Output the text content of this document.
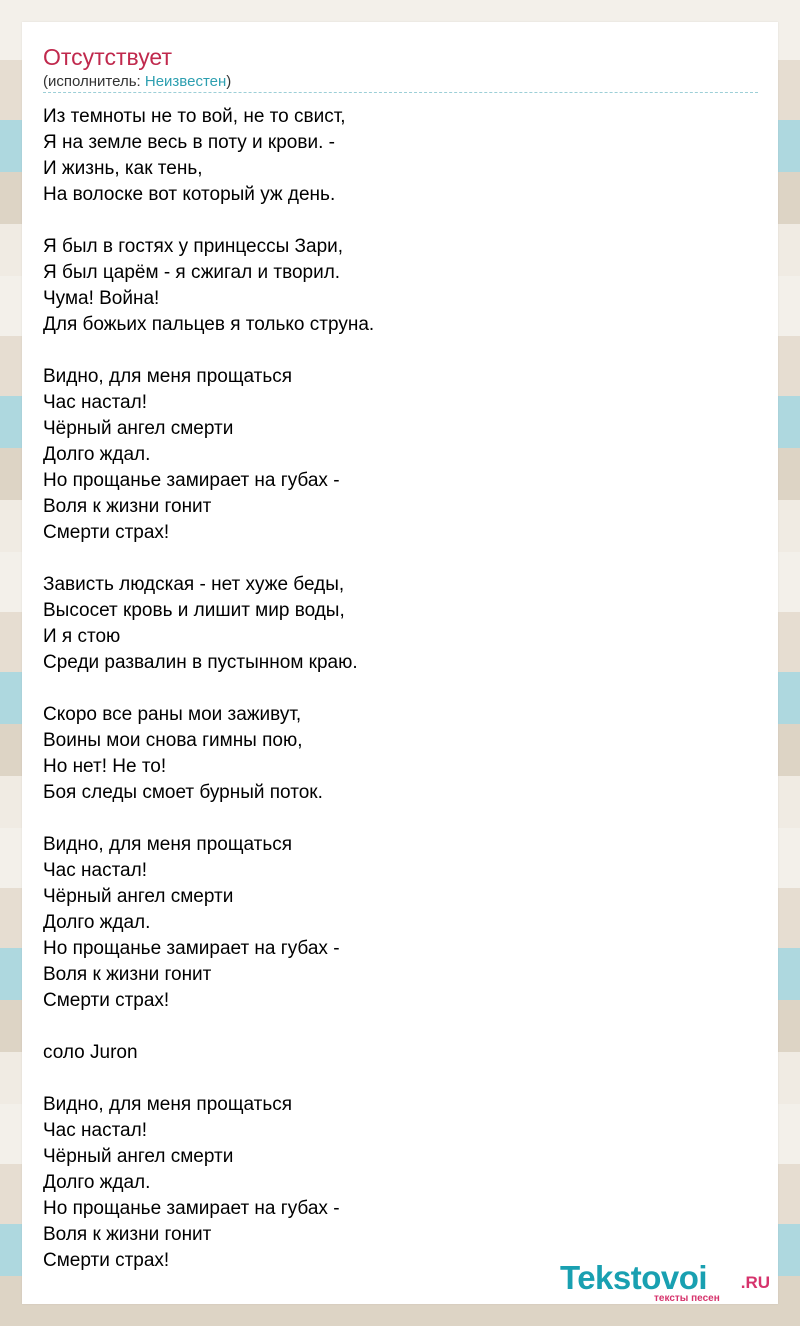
Отсутствует
(исполнитель: Неизвестен)
Из темноты не то вой, не то свист,
Я на земле весь в поту и крови. -
И жизнь, как тень,
На волоске вот который уж день.
Я был в гостях у принцессы Зари,
Я был царём - я сжигал и творил.
Чума! Война!
Для божьих пальцев я только струна.
Видно, для меня прощаться
Час настал!
Чёрный ангел смерти
Долго ждал.
Но прощанье замирает на губах -
Воля к жизни гонит
Смерти страх!
Зависть людская - нет хуже беды,
Высосет кровь и лишит мир воды,
И я стою
Среди развалин в пустынном краю.
Скоро все раны мои заживут,
Воины мои снова гимны пою,
Но нет! Не то!
Боя следы смоет бурный поток.
Видно, для меня прощаться
Час настал!
Чёрный ангел смерти
Долго ждал.
Но прощанье замирает на губах -
Воля к жизни гонит
Смерти страх!
соло Juron
Видно, для меня прощаться
Час настал!
Чёрный ангел смерти
Долго ждал.
Но прощанье замирает на губах -
Воля к жизни гонит
Смерти страх!	Tekstovoi .RU
тексты песен
